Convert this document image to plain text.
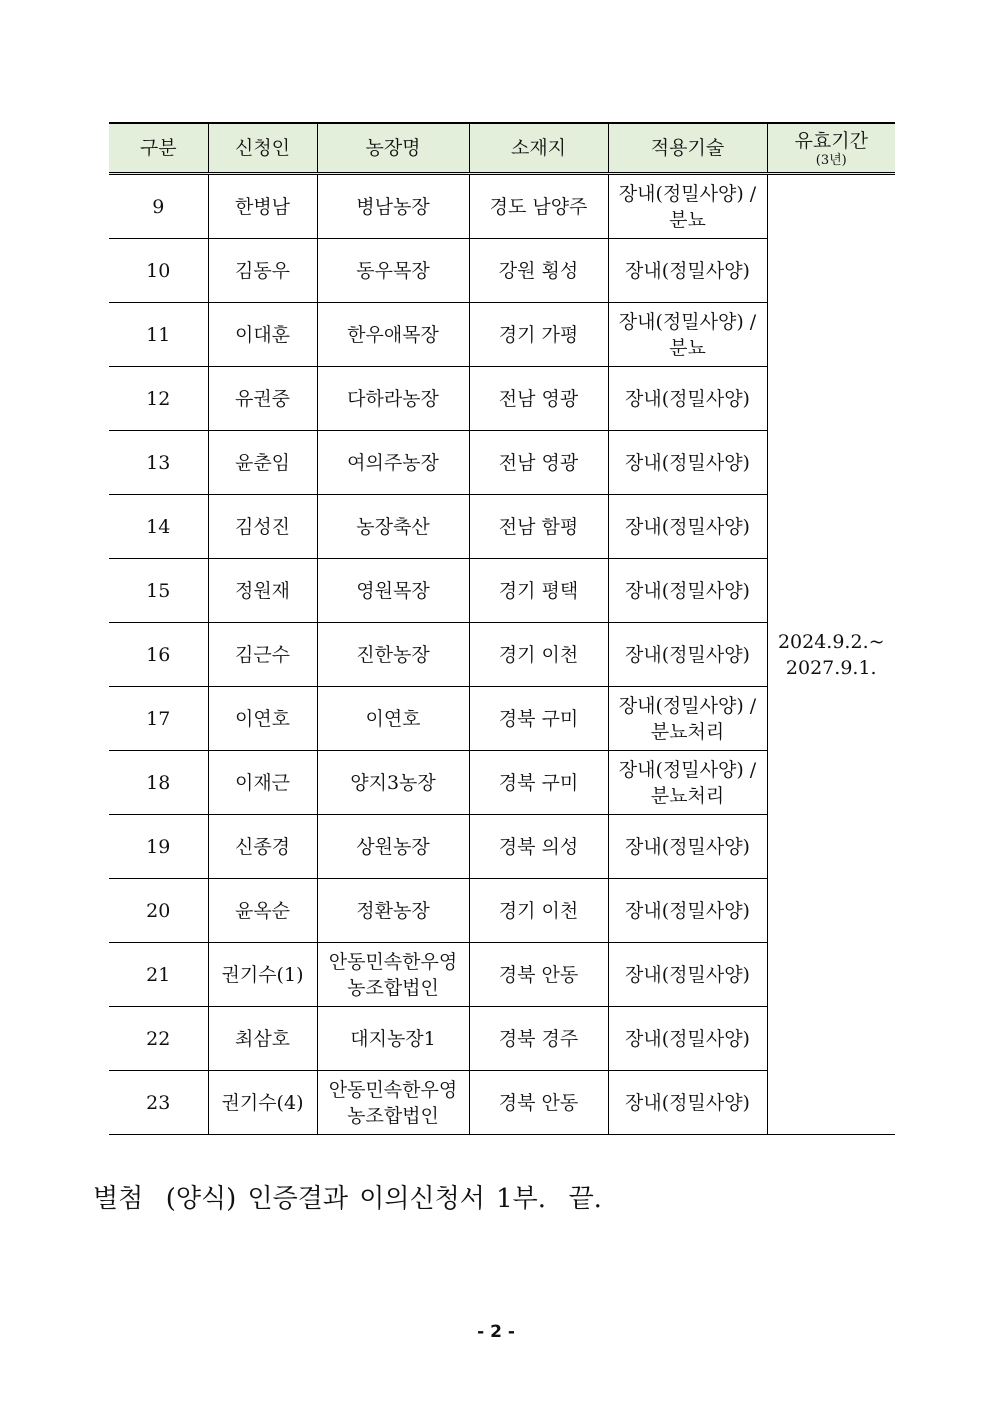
구분	신청인	농장명	소재지	적용기술	유효기간
(3년)

9	한병남	병남농장	경도 남양주	장내(정밀사양) /분뇨	2024.9.2.~ 2027.9.1.
10	김동우	동우목장	강원 횡성	장내(정밀사양)	
11	이대훈	한우애목장	경기 가평	장내(정밀사양) /분뇨	
12	유권중	다하라농장	전남 영광	장내(정밀사양)	
13	윤춘임	여의주농장	전남 영광	장내(정밀사양)	
14	김성진	농장축산	전남 함평	장내(정밀사양)	
15	정원재	영원목장	경기 평택	장내(정밀사양)	
16	김근수	진한농장	경기 이천	장내(정밀사양)	
17	이연호	이연호	경북 구미	장내(정밀사양) /분뇨처리	
18	이재근	양지3농장	경북 구미	장내(정밀사양) /분뇨처리	
19	신종경	상원농장	경북 의성	장내(정밀사양)	
20	윤옥순	정환농장	경기 이천	장내(정밀사양)	
21	권기수(1)	안동민속한우영농조합법인	경북 안동	장내(정밀사양)	
22	최삼호	대지농장1	경북 경주	장내(정밀사양)	
23	권기수(4)	안동민속한우영농조합법인	경북 안동	장내(정밀사양)	
별첨  (양식) 인증결과 이의신청서 1부.  끝.
- 2 -
